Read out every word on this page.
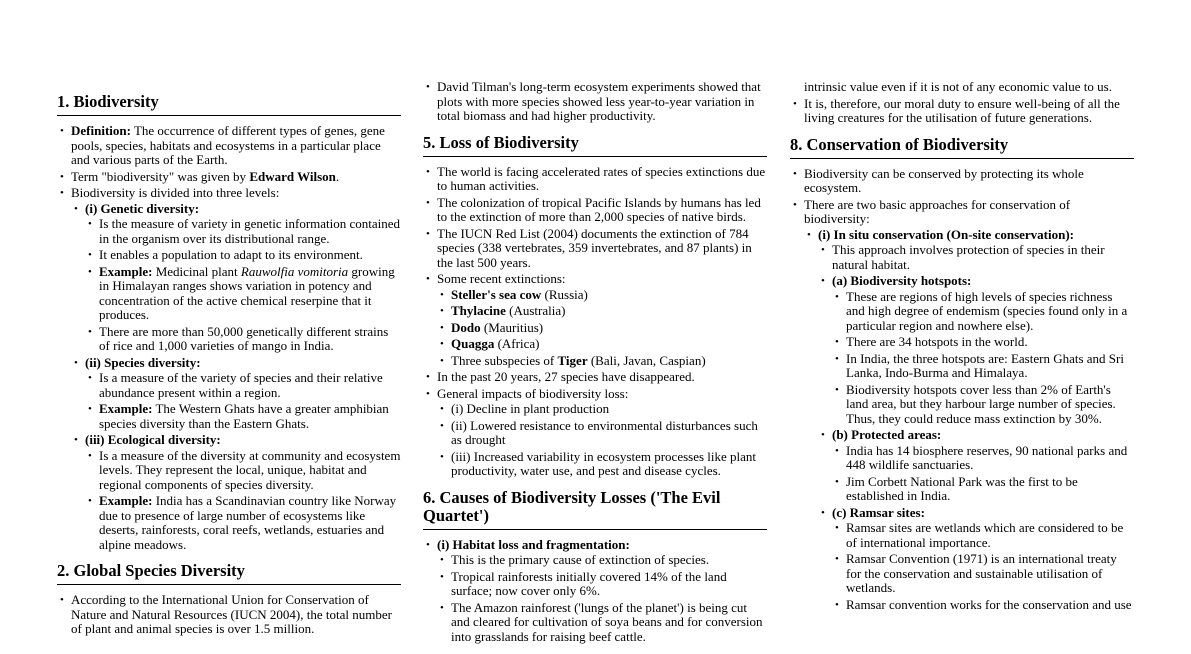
1. Biodiversity
• Definition: The occurrence of different types of genes, gene pools, species, habitats and ecosystems in a particular place and various parts of the Earth.
• Term "biodiversity" was given by Edward Wilson.
• Biodiversity is divided into three levels:
• (i) Genetic diversity:
• Is the measure of variety in genetic information contained in the organism over its distributional range.
• It enables a population to adapt to its environment.
• Example: Medicinal plant Rauwolfia vomitoria growing in Himalayan ranges shows variation in potency and concentration of the active chemical reserpine that it produces.
• There are more than 50,000 genetically different strains of rice and 1,000 varieties of mango in India.
• (ii) Species diversity:
• Is a measure of the variety of species and their relative abundance present within a region.
• Example: The Western Ghats have a greater amphibian species diversity than the Eastern Ghats.
• (iii) Ecological diversity:
• Is a measure of the diversity at community and ecosystem levels. They represent the local, unique, habitat and regional components of species diversity.
• Example: India has a Scandinavian country like Norway due to presence of large number of ecosystems like deserts, rainforests, coral reefs, wetlands, estuaries and alpine meadows.
2. Global Species Diversity
• According to the International Union for Conservation of Nature and Natural Resources (IUCN 2004), the total number of plant and animal species is over 1.5 million.
• David Tilman's long-term ecosystem experiments showed that plots with more species showed less year-to-year variation in total biomass and had higher productivity.
5. Loss of Biodiversity
• The world is facing accelerated rates of species extinctions due to human activities.
• The colonization of tropical Pacific Islands by humans has led to the extinction of more than 2,000 species of native birds.
• The IUCN Red List (2004) documents the extinction of 784 species (338 vertebrates, 359 invertebrates, and 87 plants) in the last 500 years.
• Some recent extinctions:
• Steller's sea cow (Russia)
• Thylacine (Australia)
• Dodo (Mauritius)
• Quagga (Africa)
• Three subspecies of Tiger (Bali, Javan, Caspian)
• In the past 20 years, 27 species have disappeared.
• General impacts of biodiversity loss:
• (i) Decline in plant production
• (ii) Lowered resistance to environmental disturbances such as drought
• (iii) Increased variability in ecosystem processes like plant productivity, water use, and pest and disease cycles.
6. Causes of Biodiversity Losses ('The Evil Quartet')
• (i) Habitat loss and fragmentation:
• This is the primary cause of extinction of species.
• Tropical rainforests initially covered 14% of the land surface; now cover only 6%.
• The Amazon rainforest ('lungs of the planet') is being cut and cleared for cultivation of soya beans and for conversion into grasslands for raising beef cattle.
intrinsic value even if it is not of any economic value to us.
• It is, therefore, our moral duty to ensure well-being of all the living creatures for the utilisation of future generations.
8. Conservation of Biodiversity
• Biodiversity can be conserved by protecting its whole ecosystem.
• There are two basic approaches for conservation of biodiversity:
• (i) In situ conservation (On-site conservation):
• This approach involves protection of species in their natural habitat.
• (a) Biodiversity hotspots:
• These are regions of high levels of species richness and high degree of endemism (species found only in a particular region and nowhere else).
• There are 34 hotspots in the world.
• In India, the three hotspots are: Eastern Ghats and Sri Lanka, Indo-Burma and Himalaya.
• Biodiversity hotspots cover less than 2% of Earth's land area, but they harbour large number of species. Thus, they could reduce mass extinction by 30%.
• (b) Protected areas:
• India has 14 biosphere reserves, 90 national parks and 448 wildlife sanctuaries.
• Jim Corbett National Park was the first to be established in India.
• (c) Ramsar sites:
• Ramsar sites are wetlands which are considered to be of international importance.
• Ramsar Convention (1971) is an international treaty for the conservation and sustainable utilisation of wetlands.
• Ramsar convention works for the conservation and use
